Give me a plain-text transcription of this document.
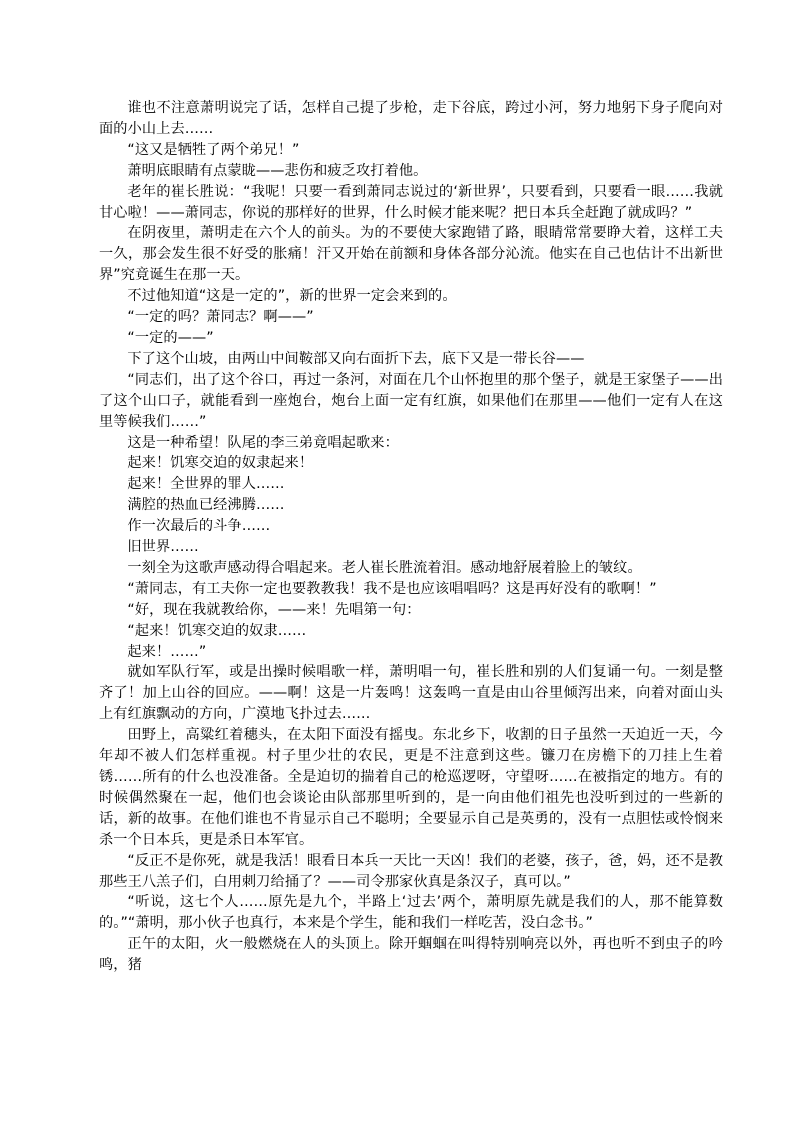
谁也不注意萧明说完了话，怎样自己提了步枪，走下谷底，跨过小河，努力地躬下身子爬向对面的小山上去……

“这又是牺牲了两个弟兄！”

萧明底眼睛有点蒙眬——悲伤和疲乏攻打着他。

老年的崔长胜说：“我呢！只要一看到萧同志说过的‘新世界’，只要看到，只要看一眼……我就甘心啦！——萧同志，你说的那样好的世界，什么时候才能来呢？把日本兵全赶跑了就成吗？”

在阴夜里，萧明走在六个人的前头。为的不要使大家跑错了路，眼睛常常要睁大着，这样工夫一久，那会发生很不好受的胀痛！汗又开始在前额和身体各部分沁流。他实在自己也估计不出新世界”究竟诞生在那一天。

不过他知道“这是一定的”，新的世界一定会来到的。

“一定的吗？萧同志？啊——”

“一定的——”

下了这个山坡，由两山中间鞍部又向右面折下去，底下又是一带长谷——

“同志们，出了这个谷口，再过一条河，对面在几个山怀抱里的那个堡子，就是王家堡子——出了这个山口子，就能看到一座炮台，炮台上面一定有红旗，如果他们在那里——他们一定有人在这里等候我们……”

这是一种希望！队尾的李三弟竟唱起歌来：

起来！饥寒交迫的奴隶起来！

起来！全世界的罪人……

满腔的热血已经沸腾……

作一次最后的斗争……

旧世界……

一刻全为这歌声感动得合唱起来。老人崔长胜流着泪。感动地舒展着脸上的皱纹。

“萧同志，有工夫你一定也要教教我！我不是也应该唱唱吗？这是再好没有的歌啊！”

“好，现在我就教给你，——来！先唱第一句：

“起来！饥寒交迫的奴隶……

起来！……”

就如军队行军，或是出操时候唱歌一样，萧明唱一句，崔长胜和别的人们复诵一句。一刻是整齐了！加上山谷的回应。——啊！这是一片轰鸣！这轰鸣一直是由山谷里倾泻出来，向着对面山头上有红旗飘动的方向，广漠地飞扑过去……

田野上，高粱红着穗头，在太阳下面没有摇曳。东北乡下，收割的日子虽然一天迫近一天，今年却不被人们怎样重视。村子里少壮的农民，更是不注意到这些。镰刀在房檐下的刀挂上生着锈……所有的什么也没准备。全是迫切的揣着自己的枪巡逻呀，守望呀……在被指定的地方。有的时候偶然聚在一起，他们也会谈论由队部那里听到的，是一向由他们祖先也没听到过的一些新的话，新的故事。在他们谁也不肯显示自己不聪明；全要显示自己是英勇的，没有一点胆怯或怜悯来杀一个日本兵，更是杀日本军官。

“反正不是你死，就是我活！眼看日本兵一天比一天凶！我们的老婆，孩子，爸，妈，还不是教那些王八羔子们，白用刺刀给捅了？——司令那家伙真是条汉子，真可以。”

“听说，这七个人……原先是九个，半路上‘过去’两个，萧明原先就是我们的人，那不能算数的。”“萧明，那小伙子也真行，本来是个学生，能和我们一样吃苦，没白念书。”

正午的太阳，火一般燃烧在人的头顶上。除开蝈蝈在叫得特别响亮以外，再也听不到虫子的吟鸣，猪
